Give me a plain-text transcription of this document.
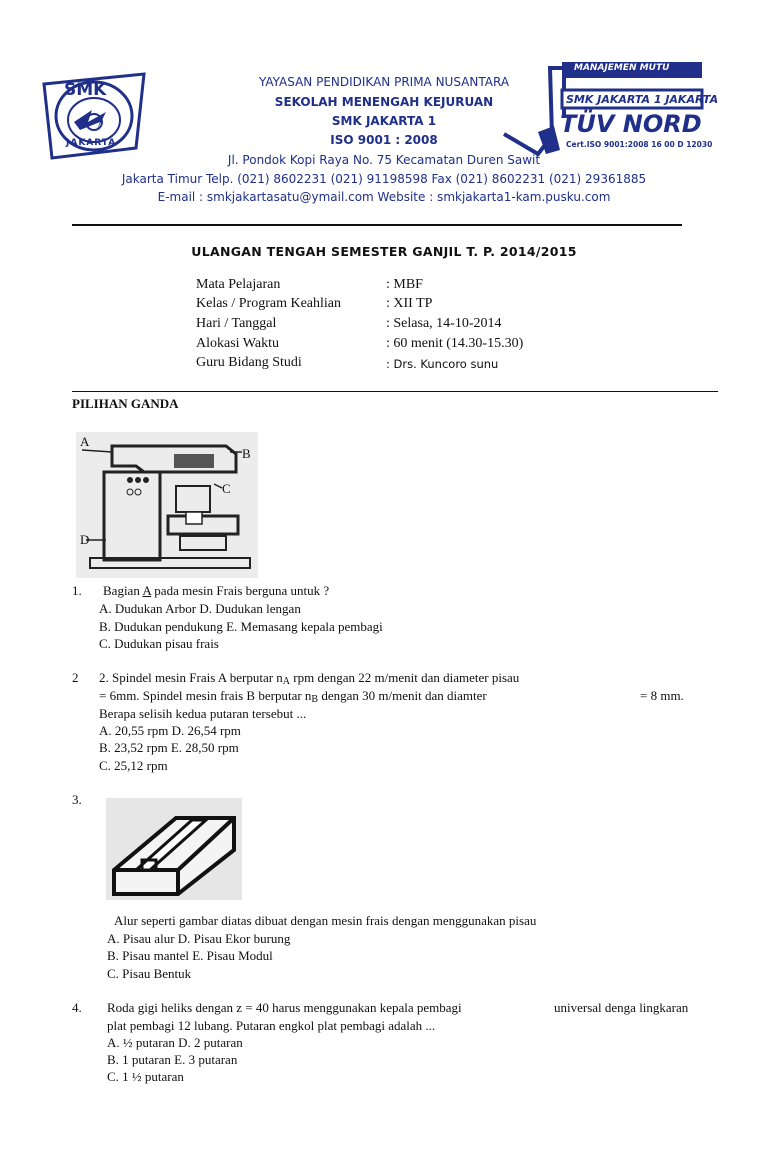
SMK
JAKARTA
MANAJEMEN MUTU
SMK JAKARTA 1 JAKARTA
TÜV NORD
Cert.ISO 9001:2008 16 00 D 12030
YAYASAN PENDIDIKAN PRIMA NUSANTARA
SEKOLAH MENENGAH KEJURUAN
SMK JAKARTA 1
ISO 9001 : 2008
Jl. Pondok Kopi Raya No. 75 Kecamatan Duren Sawit
Jakarta Timur Telp. (021) 8602231 (021) 91198598 Fax (021) 8602231 (021) 29361885
E-mail : smkjakartasatu@ymail.com Website : smkjakarta1-kam.pusku.com
ULANGAN TENGAH SEMESTER GANJIL T. P. 2014/2015
Mata Pelajaran	: MBF
Kelas / Program Keahlian	: XII TP
Hari / Tanggal	: Selasa, 14-10-2014
Alokasi Waktu	: 60 menit (14.30-15.30)
Guru Bidang Studi	: Drs. Kuncoro sunu
PILIHAN GANDA
A
B
C
D
1. Bagian A pada mesin Frais berguna untuk ?
A. Dudukan Arbor D. Dudukan lengan
B. Dudukan pendukung E. Memasang kepala pembagi
C. Dudukan pisau frais
2 2. Spindel mesin Frais A berputar nA rpm dengan 22 m/menit dan diameter pisau
= 6mm. Spindel mesin frais B berputar nB dengan 30 m/menit dan diamter	= 8 mm.
Berapa selisih kedua putaran tersebut ...
A. 20,55 rpm D. 26,54 rpm
B. 23,52 rpm E. 28,50 rpm
C. 25,12 rpm
3.
Alur seperti gambar diatas dibuat dengan mesin frais dengan menggunakan pisau
A. Pisau alur D. Pisau Ekor burung
B. Pisau mantel E. Pisau Modul
C. Pisau Bentuk
4. Roda gigi heliks dengan z = 40 harus menggunakan kepala pembagi	universal denga lingkaran
plat pembagi 12 lubang. Putaran engkol plat pembagi adalah ...
A. ½ putaran D. 2 putaran
B. 1 putaran E. 3 putaran
C. 1 ½ putaran
